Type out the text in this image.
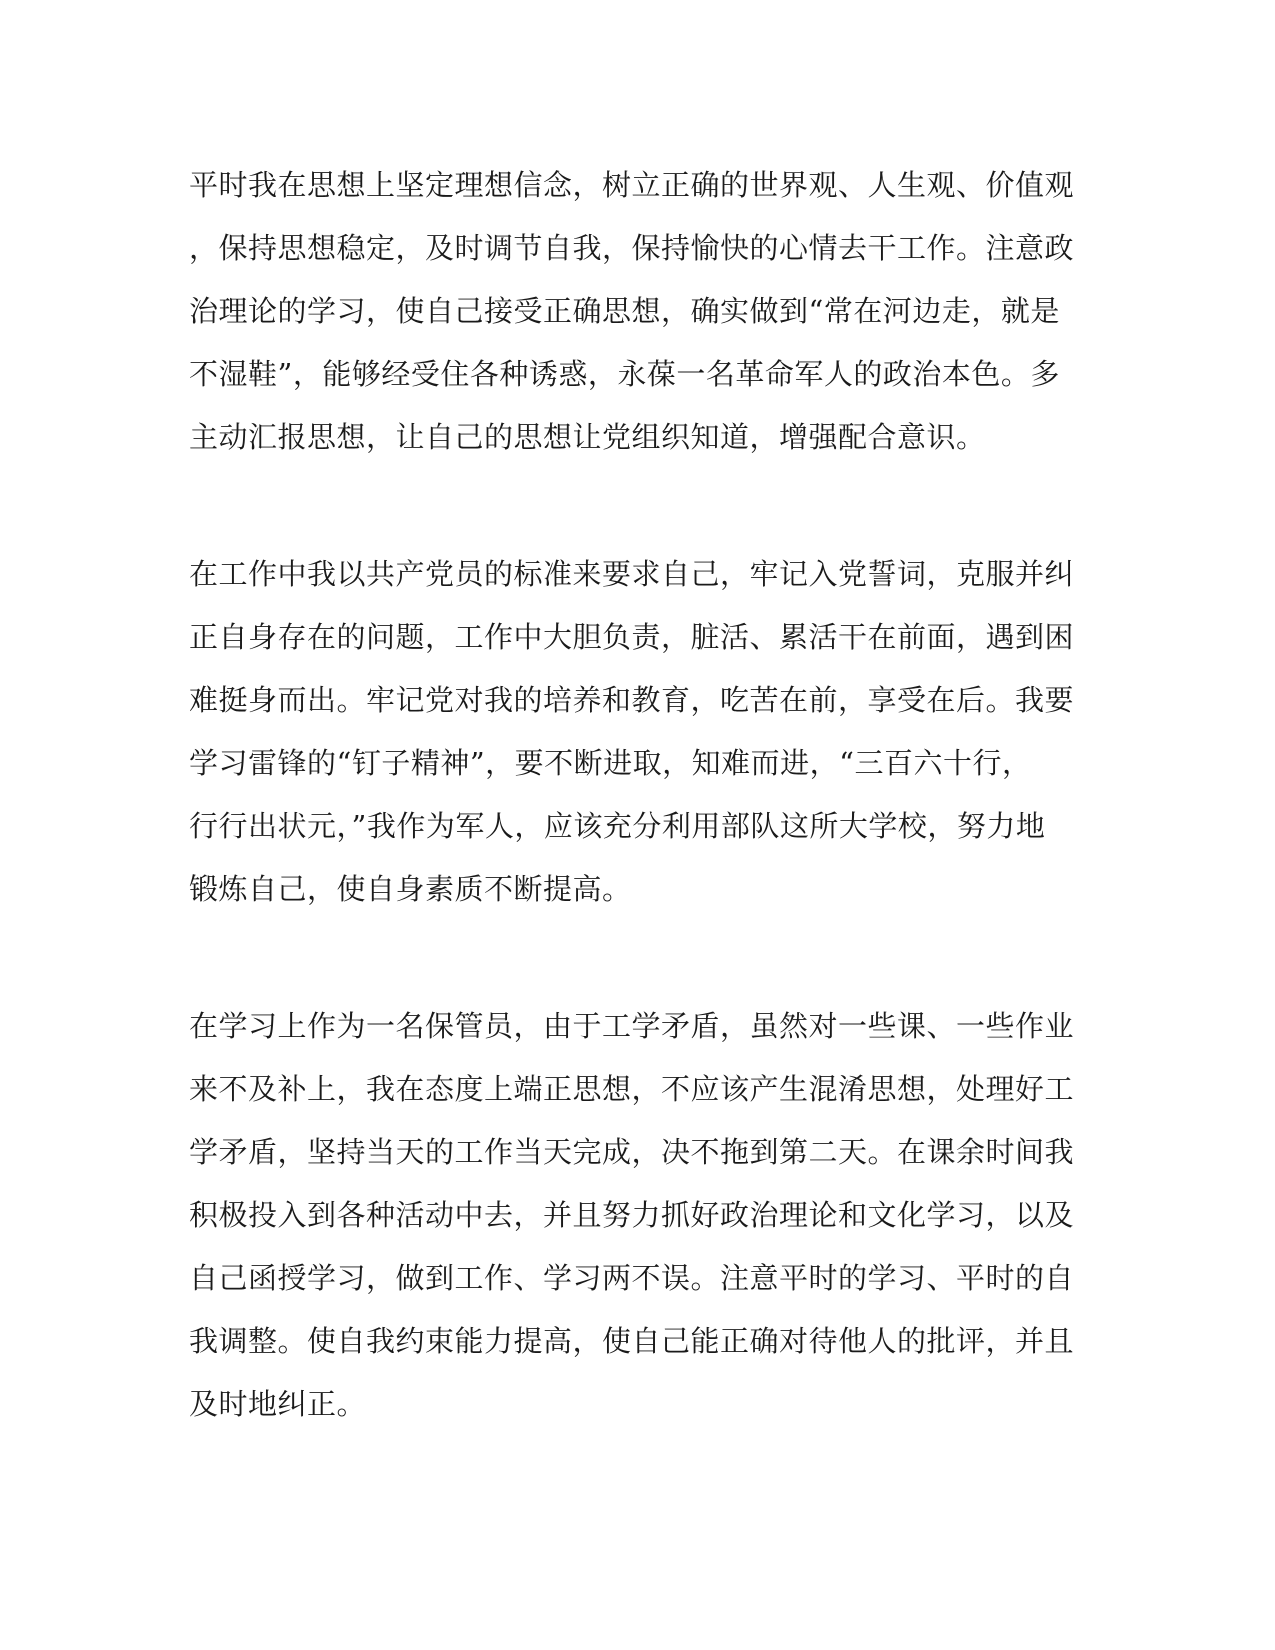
平时我在思想上坚定理想信念，树立正确的世界观、人生观、价值观
，保持思想稳定，及时调节自我，保持愉快的心情去干工作。注意政
治理论的学习，使自己接受正确思想，确实做到“常在河边走，就是
不湿鞋”，能够经受住各种诱惑，永葆一名革命军人的政治本色。多
主动汇报思想，让自己的思想让党组织知道，增强配合意识。

在工作中我以共产党员的标准来要求自己，牢记入党誓词，克服并纠
正自身存在的问题，工作中大胆负责，脏活、累活干在前面，遇到困
难挺身而出。牢记党对我的培养和教育，吃苦在前，享受在后。我要
学习雷锋的“钉子精神”，要不断进取，知难而进，“三百六十行，
行行出状元，”我作为军人，应该充分利用部队这所大学校，努力地
锻炼自己，使自身素质不断提高。

在学习上作为一名保管员，由于工学矛盾，虽然对一些课、一些作业
来不及补上，我在态度上端正思想，不应该产生混淆思想，处理好工
学矛盾，坚持当天的工作当天完成，决不拖到第二天。在课余时间我
积极投入到各种活动中去，并且努力抓好政治理论和文化学习，以及
自己函授学习，做到工作、学习两不误。注意平时的学习、平时的自
我调整。使自我约束能力提高，使自己能正确对待他人的批评，并且
及时地纠正。
